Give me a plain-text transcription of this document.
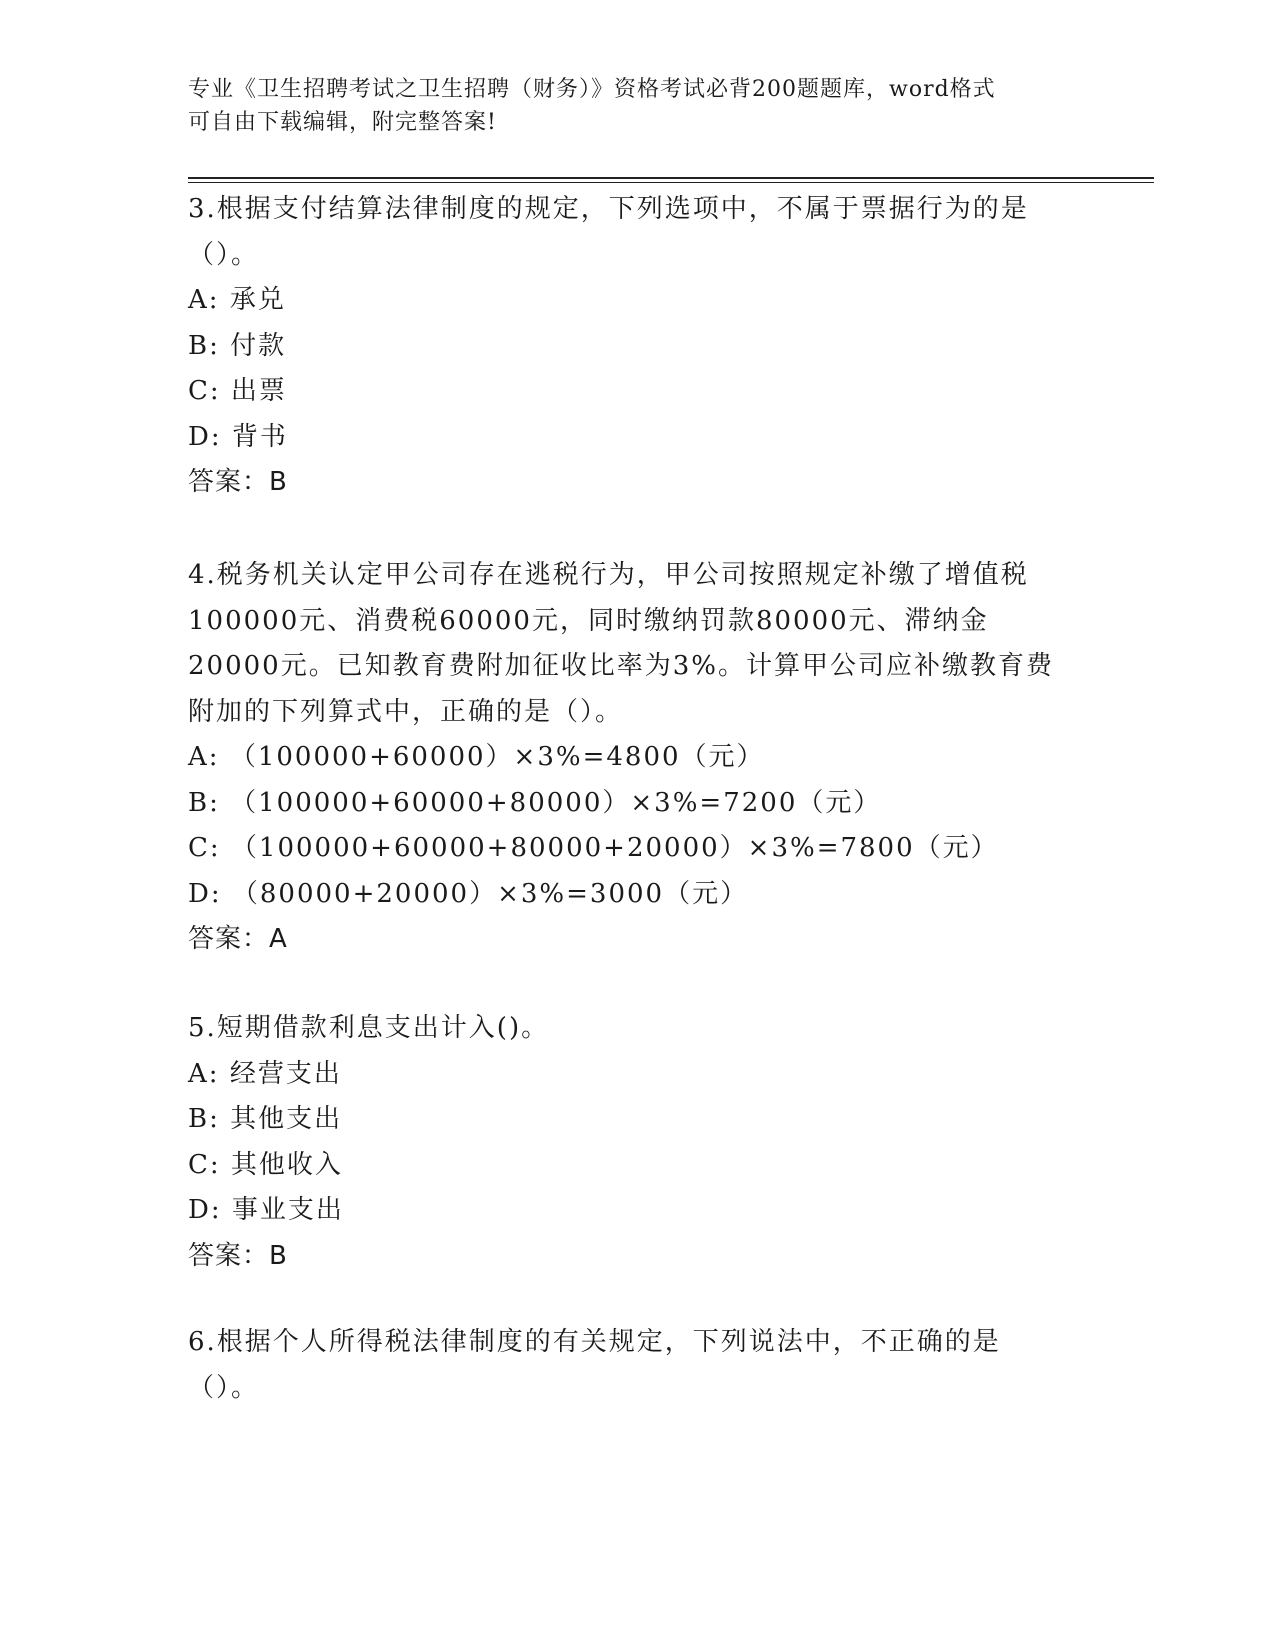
专业《卫生招聘考试之卫生招聘（财务）》资格考试必背200题题库，word格式
可自由下载编辑，附完整答案!

3.根据支付结算法律制度的规定，下列选项中，不属于票据行为的是（）。

A: 承兑

B: 付款

C: 出票

D: 背书

答案：B

4.税务机关认定甲公司存在逃税行为，甲公司按照规定补缴了增值税100000元、消费税60000元，同时缴纳罚款80000元、滞纳金20000元。已知教育费附加征收比率为3%。计算甲公司应补缴教育费附加的下列算式中，正确的是（）。

A: （100000+60000）×3%=4800（元）

B: （100000+60000+80000）×3%=7200（元）

C: （100000+60000+80000+20000）×3%=7800（元）

D: （80000+20000）×3%=3000（元）

答案：A

5.短期借款利息支出计入()。

A: 经营支出

B: 其他支出

C: 其他收入

D: 事业支出

答案：B

6.根据个人所得税法律制度的有关规定，下列说法中，不正确的是（）。
